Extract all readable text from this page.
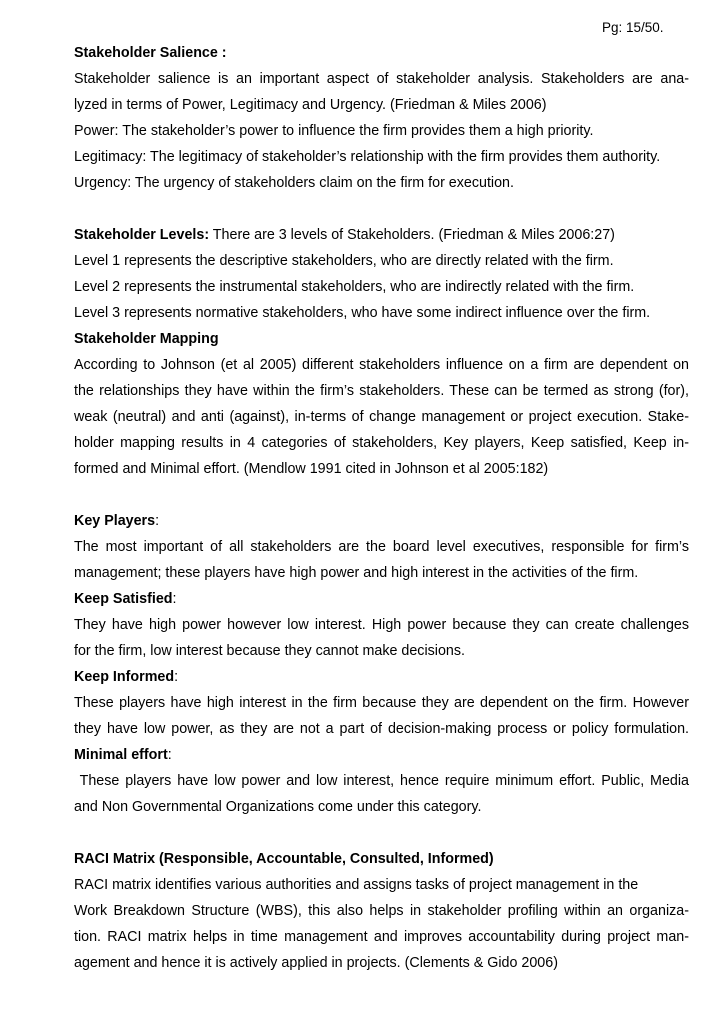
Pg: 15/50.

Stakeholder Salience :

Stakeholder salience is an important aspect of stakeholder analysis. Stakeholders are ana-

lyzed in terms of Power, Legitimacy and Urgency. (Friedman & Miles 2006)

Power: The stakeholder’s power to influence the firm provides them a high priority.

Legitimacy: The legitimacy of stakeholder’s relationship with the firm provides them authority.

Urgency: The urgency of stakeholders claim on the firm for execution.

Stakeholder Levels: There are 3 levels of Stakeholders. (Friedman & Miles 2006:27)

Level 1 represents the descriptive stakeholders, who are directly related with the firm.

Level 2 represents the instrumental stakeholders, who are indirectly related with the firm.

Level 3 represents normative stakeholders, who have some indirect influence over the firm.

Stakeholder Mapping

According to Johnson (et al 2005) different stakeholders influence on a firm are dependent on

the relationships they have within the firm’s stakeholders. These can be termed as strong (for),

weak (neutral) and anti (against), in-terms of change management or project execution. Stake-

holder mapping results in 4 categories of stakeholders, Key players, Keep satisfied, Keep in-

formed and Minimal effort. (Mendlow 1991 cited in Johnson et al 2005:182)

Key Players:

The most important of all stakeholders are the board level executives, responsible for firm’s

management; these players have high power and high interest in the activities of the firm.

Keep Satisfied:

They have high power however low interest. High power because they can create challenges

for the firm, low interest because they cannot make decisions.

Keep Informed:

These players have high interest in the firm because they are dependent on the firm. However

they have low power, as they are not a part of decision-making process or policy formulation.

Minimal effort:

These players have low power and low interest, hence require minimum effort. Public, Media

and Non Governmental Organizations come under this category.

RACI Matrix (Responsible, Accountable, Consulted, Informed)

RACI matrix identifies various authorities and assigns tasks of project management in the

Work Breakdown Structure (WBS), this also helps in stakeholder profiling within an organiza-

tion. RACI matrix helps in time management and improves accountability during project man-

agement and hence it is actively applied in projects. (Clements & Gido 2006)
